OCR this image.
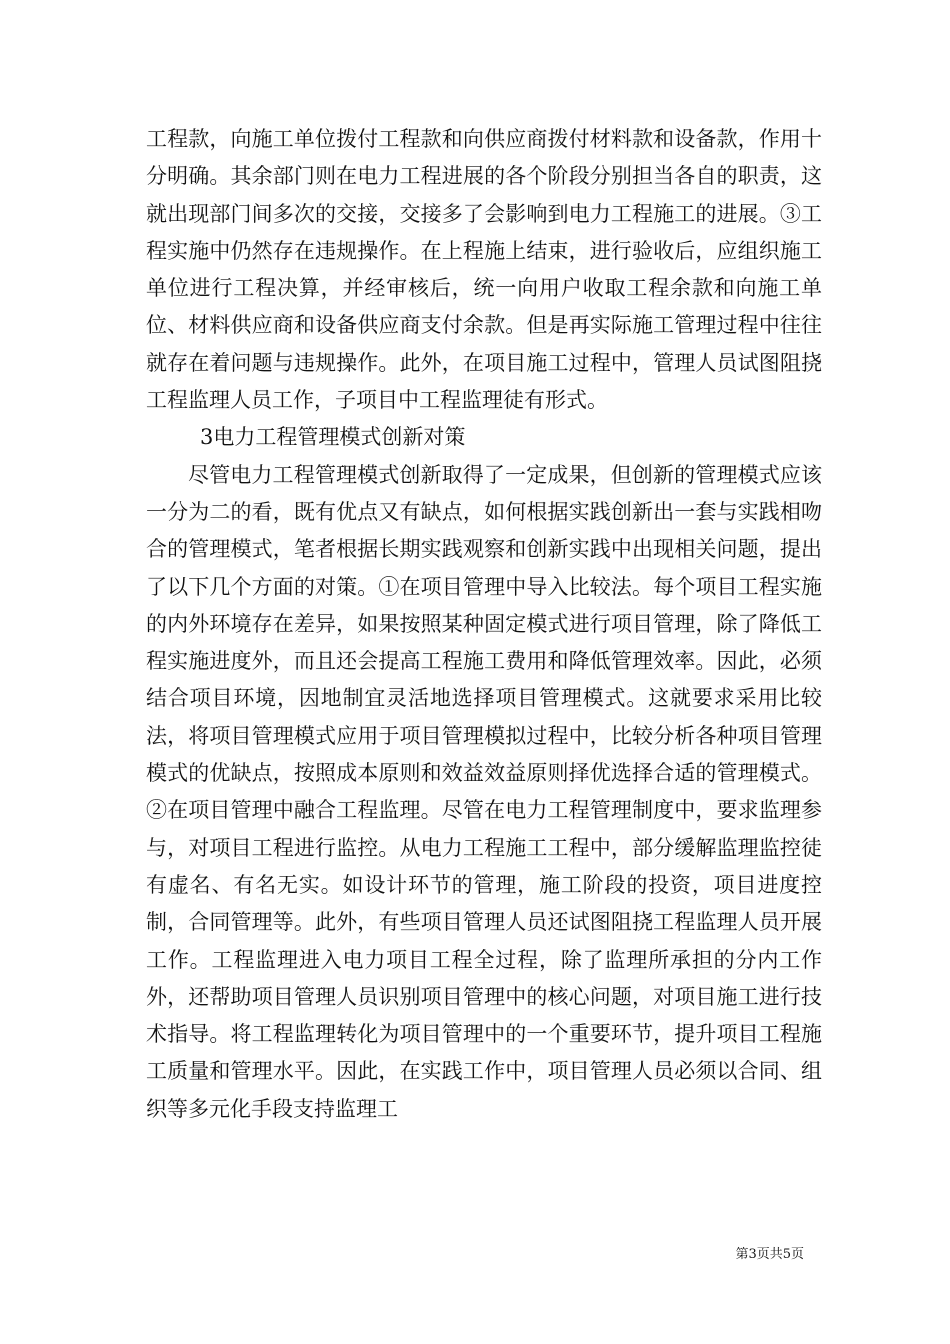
工程款，向施工单位拨付工程款和向供应商拨付材料款和设备款，作用十分明确。其余部门则在电力工程进展的各个阶段分别担当各自的职责，这就出现部门间多次的交接，交接多了会影响到电力工程施工的进展。③工程实施中仍然存在违规操作。在上程施上结束，进行验收后，应组织施工单位进行工程决算，并经审核后，统一向用户收取工程余款和向施工单位、材料供应商和设备供应商支付余款。但是再实际施工管理过程中往往就存在着问题与违规操作。此外，在项目施工过程中，管理人员试图阻挠工程监理人员工作，子项目中工程监理徒有形式。

3电力工程管理模式创新对策

尽管电力工程管理模式创新取得了一定成果，但创新的管理模式应该一分为二的看，既有优点又有缺点，如何根据实践创新出一套与实践相吻合的管理模式，笔者根据长期实践观察和创新实践中出现相关问题，提出了以下几个方面的对策。①在项目管理中导入比较法。每个项目工程实施的内外环境存在差异，如果按照某种固定模式进行项目管理，除了降低工程实施进度外，而且还会提高工程施工费用和降低管理效率。因此，必须结合项目环境，因地制宜灵活地选择项目管理模式。这就要求采用比较法，将项目管理模式应用于项目管理模拟过程中，比较分析各种项目管理模式的优缺点，按照成本原则和效益效益原则择优选择合适的管理模式。②在项目管理中融合工程监理。尽管在电力工程管理制度中，要求监理参与，对项目工程进行监控。从电力工程施工工程中，部分缓解监理监控徒有虚名、有名无实。如设计环节的管理，施工阶段的投资，项目进度控制，合同管理等。此外，有些项目管理人员还试图阻挠工程监理人员开展工作。工程监理进入电力项目工程全过程，除了监理所承担的分内工作外，还帮助项目管理人员识别项目管理中的核心问题，对项目施工进行技术指导。将工程监理转化为项目管理中的一个重要环节，提升项目工程施工质量和管理水平。因此，在实践工作中，项目管理人员必须以合同、组织等多元化手段支持监理工

第3页共5页
